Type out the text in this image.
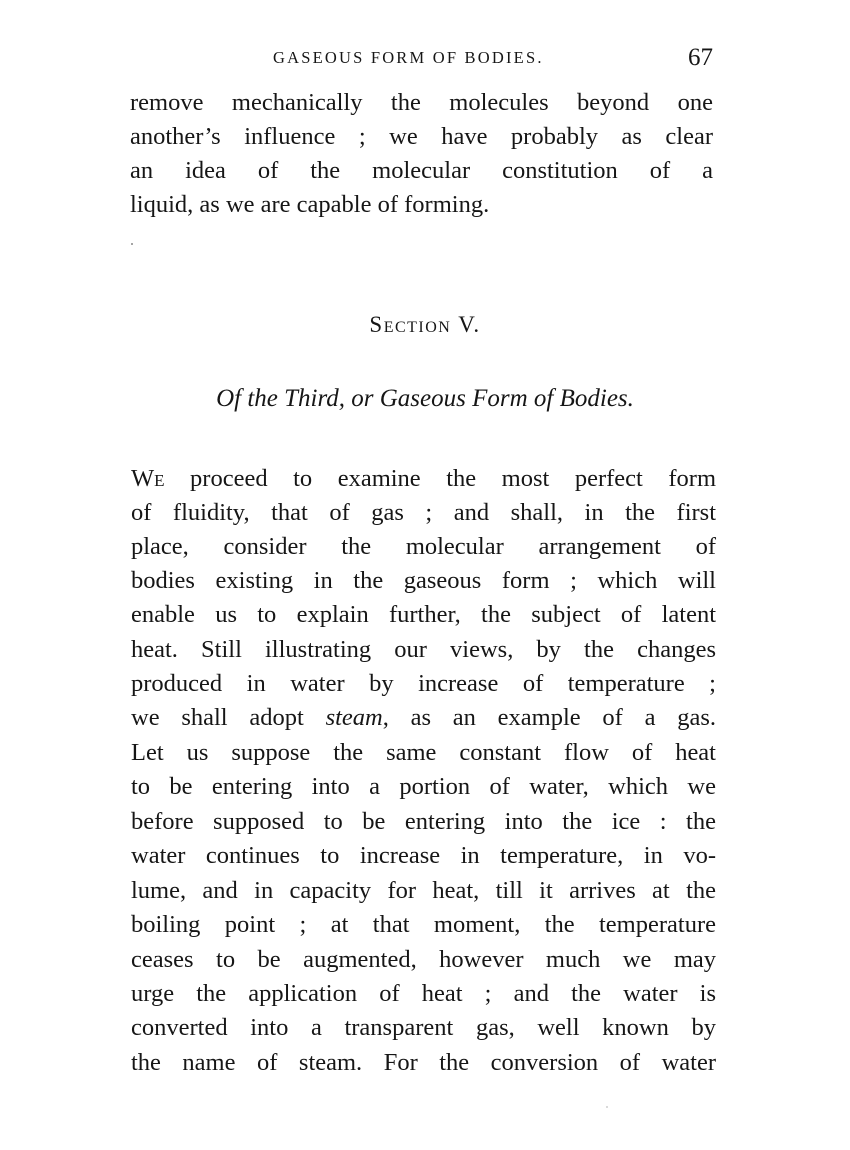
GASEOUS FORM OF BODIES.	67
remove mechanically the molecules beyond one
another’s influence ; we have probably as clear
an idea of the molecular constitution of a
liquid, as we are capable of forming.
Section V.
Of the Third, or Gaseous Form of Bodies.
We proceed to examine the most perfect form
of fluidity, that of gas ; and shall, in the first
place, consider the molecular arrangement of
bodies existing in the gaseous form ; which will
enable us to explain further, the subject of latent
heat. Still illustrating our views, by the changes
produced in water by increase of temperature ;
we shall adopt steam, as an example of a gas.
Let us suppose the same constant flow of heat
to be entering into a portion of water, which we
before supposed to be entering into the ice : the
water continues to increase in temperature, in vo-
lume, and in capacity for heat, till it arrives at the
boiling point ; at that moment, the temperature
ceases to be augmented, however much we may
urge the application of heat ; and the water is
converted into a transparent gas, well known by
the name of steam. For the conversion of water
